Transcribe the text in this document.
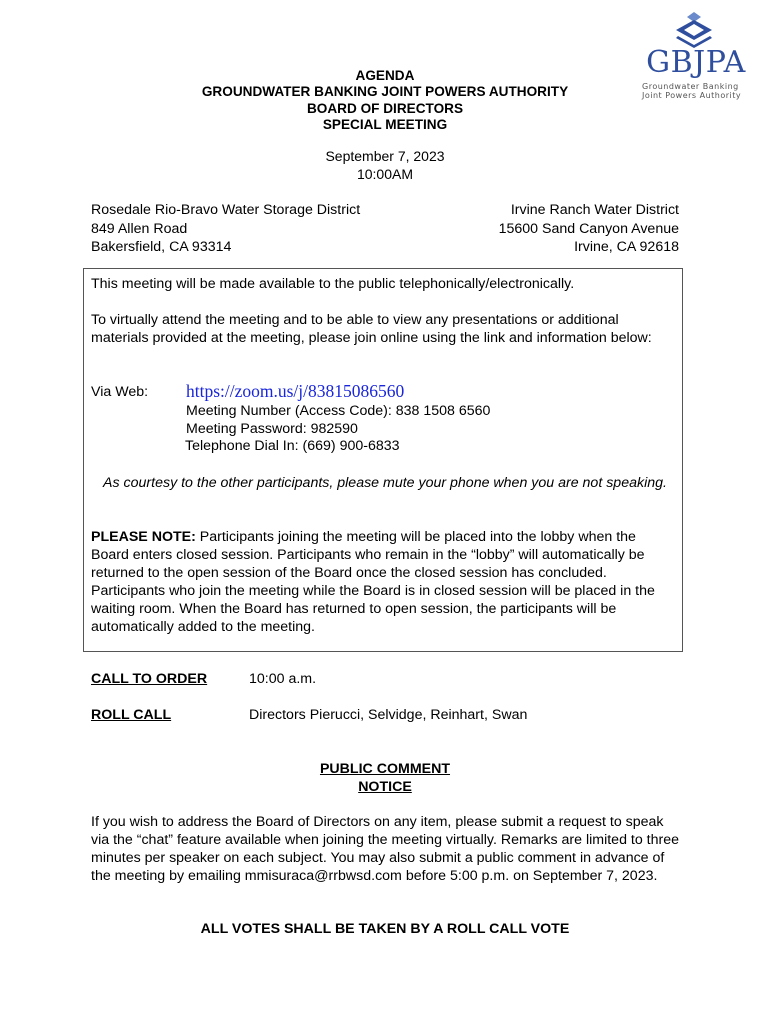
GBJPA
Groundwater Banking
Joint Powers Authority
AGENDA
GROUNDWATER BANKING JOINT POWERS AUTHORITY
BOARD OF DIRECTORS
SPECIAL MEETING
September 7, 2023
10:00AM
Rosedale Rio-Bravo Water Storage District
849 Allen Road
Bakersfield, CA 93314
Irvine Ranch Water District
15600 Sand Canyon Avenue
Irvine, CA 92618
This meeting will be made available to the public telephonically/electronically.
To virtually attend the meeting and to be able to view any presentations or additional materials provided at the meeting, please join online using the link and information below:
Via Web: https://zoom.us/j/83815086560
Meeting Number (Access Code): 838 1508 6560
Meeting Password: 982590
Telephone Dial In: (669) 900-6833
As courtesy to the other participants, please mute your phone when you are not speaking.
PLEASE NOTE: Participants joining the meeting will be placed into the lobby when the Board enters closed session. Participants who remain in the “lobby” will automatically be returned to the open session of the Board once the closed session has concluded. Participants who join the meeting while the Board is in closed session will be placed in the waiting room. When the Board has returned to open session, the participants will be automatically added to the meeting.
CALL TO ORDER	10:00 a.m.
ROLL CALL	Directors Pierucci, Selvidge, Reinhart, Swan
PUBLIC COMMENT
NOTICE
If you wish to address the Board of Directors on any item, please submit a request to speak via the “chat” feature available when joining the meeting virtually. Remarks are limited to three minutes per speaker on each subject. You may also submit a public comment in advance of the meeting by emailing mmisuraca@rrbwsd.com before 5:00 p.m. on September 7, 2023.
ALL VOTES SHALL BE TAKEN BY A ROLL CALL VOTE
